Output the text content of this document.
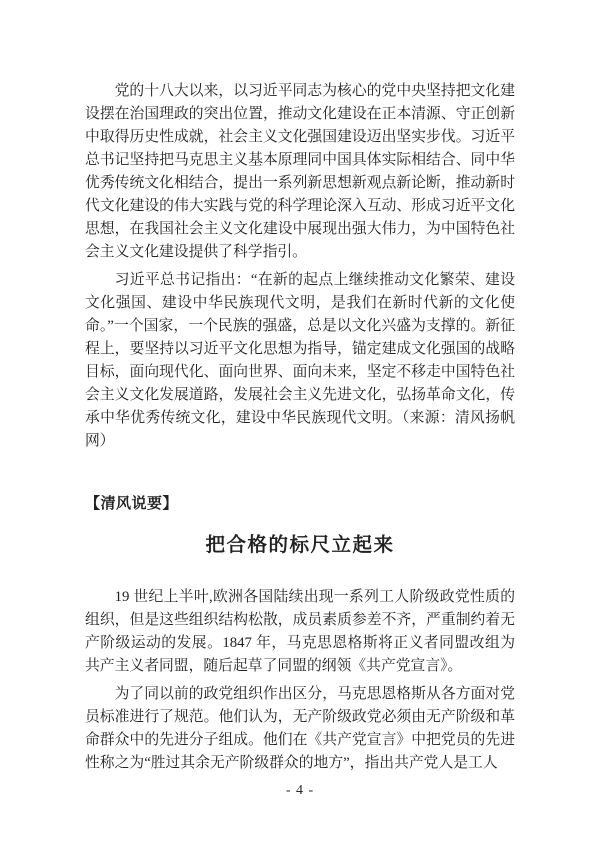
党的十八大以来，以习近平同志为核心的党中央坚持把文化建设摆在治国理政的突出位置，推动文化建设在正本清源、守正创新中取得历史性成就，社会主义文化强国建设迈出坚实步伐。习近平总书记坚持把马克思主义基本原理同中国具体实际相结合、同中华优秀传统文化相结合，提出一系列新思想新观点新论断，推动新时代文化建设的伟大实践与党的科学理论深入互动、形成习近平文化思想，在我国社会主义文化建设中展现出强大伟力，为中国特色社会主义文化建设提供了科学指引。

习近平总书记指出：“在新的起点上继续推动文化繁荣、建设文化强国、建设中华民族现代文明，是我们在新时代新的文化使命。”一个国家，一个民族的强盛，总是以文化兴盛为支撑的。新征程上，要坚持以习近平文化思想为指导，锚定建成文化强国的战略目标，面向现代化、面向世界、面向未来，坚定不移走中国特色社会主义文化发展道路，发展社会主义先进文化，弘扬革命文化，传承中华优秀传统文化，建设中华民族现代文明。（来源：清风扬帆网）

【清风说要】

把合格的标尺立起来

19 世纪上半叶,欧洲各国陆续出现一系列工人阶级政党性质的组织，但是这些组织结构松散，成员素质参差不齐，严重制约着无产阶级运动的发展。1847 年，马克思恩格斯将正义者同盟改组为共产主义者同盟，随后起草了同盟的纲领《共产党宣言》。

为了同以前的政党组织作出区分，马克思恩格斯从各方面对党员标准进行了规范。他们认为，无产阶级政党必须由无产阶级和革命群众中的先进分子组成。他们在《共产党宣言》中把党员的先进性称之为“胜过其余无产阶级群众的地方”，指出共产党人是工人

- 4 -
